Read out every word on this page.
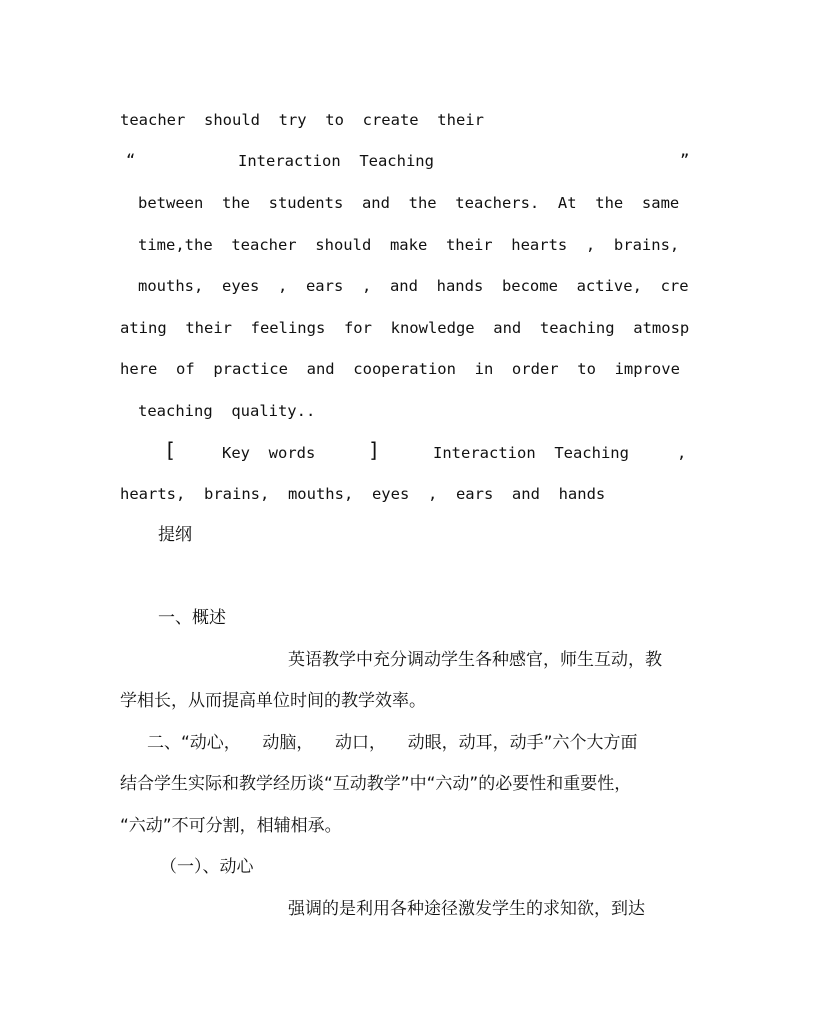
teacher  should  try  to  create  their
“	Interaction  Teaching	”
between  the  students  and  the  teachers.  At  the  same
time,the  teacher  should  make  their  hearts  ,  brains,
mouths,  eyes  ,  ears  ,  and  hands  become  active,  cre
ating  their  feelings  for  knowledge  and  teaching  atmosp
here  of  practice  and  cooperation  in  order  to  improve
teaching  quality..
[	Key  words	]	Interaction  Teaching	,
hearts,  brains,  mouths,  eyes  ,  ears  and  hands
提纲
一、概述
英语教学中充分调动学生各种感官，师生互动，教
学相长，从而提高单位时间的教学效率。
二、“动心，    动脑，    动口，    动眼，动耳，动手”六个大方面
结合学生实际和教学经历谈“互动教学”中“六动”的必要性和重要性，
“六动”不可分割，相辅相承。
（一）、动心
强调的是利用各种途径激发学生的求知欲，到达
